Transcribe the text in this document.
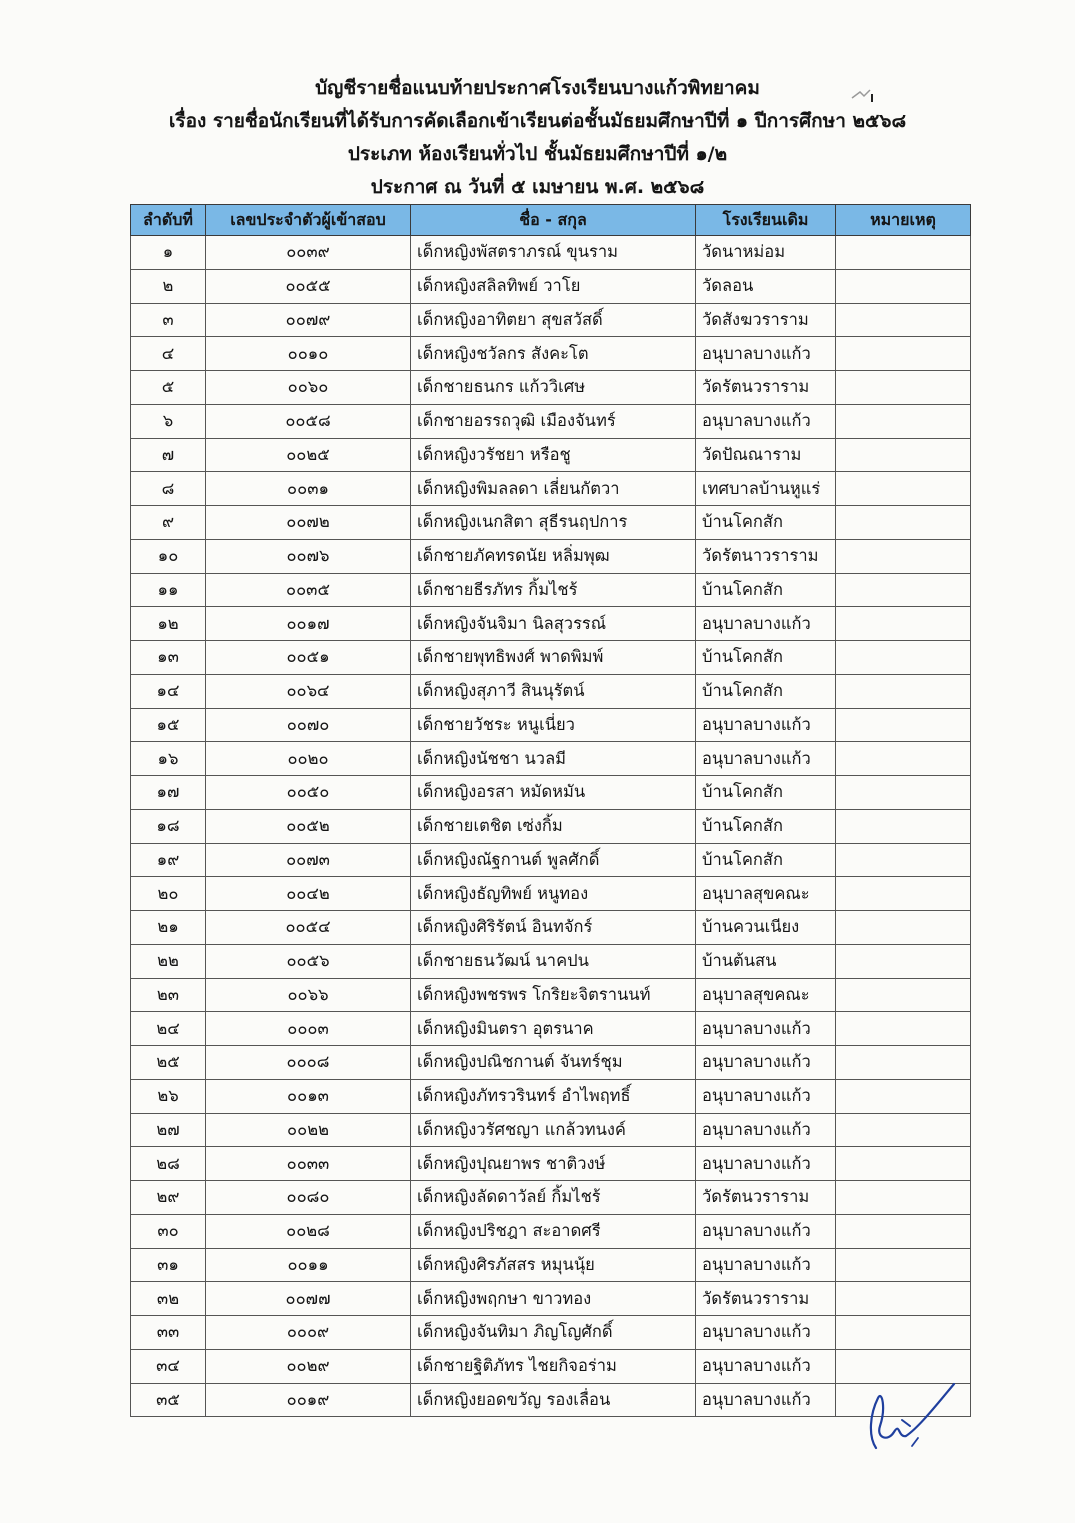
บัญชีรายชื่อแนบท้ายประกาศโรงเรียนบางแก้วพิทยาคม
เรื่อง รายชื่อนักเรียนที่ได้รับการคัดเลือกเข้าเรียนต่อชั้นมัธยมศึกษาปีที่ ๑ ปีการศึกษา ๒๕๖๘
ประเภท ห้องเรียนทั่วไป ชั้นมัธยมศึกษาปีที่ ๑/๒
ประกาศ ณ วันที่ ๕ เมษายน พ.ศ. ๒๕๖๘
ลำดับที่	เลขประจำตัวผู้เข้าสอบ	ชื่อ - สกุล	โรงเรียนเดิม	หมายเหตุ
๑	๐๐๓๙	เด็กหญิงพัสตราภรณ์ ขุนราม	วัดนาหม่อม	
๒	๐๐๕๕	เด็กหญิงสลิลทิพย์ วาโย	วัดลอน	
๓	๐๐๗๙	เด็กหญิงอาทิตยา สุขสวัสดิ์	วัดสังฆวราราม	
๔	๐๐๑๐	เด็กหญิงชวัลกร สังคะโต	อนุบาลบางแก้ว	
๕	๐๐๖๐	เด็กชายธนกร แก้ววิเศษ	วัดรัตนวราราม	
๖	๐๐๕๘	เด็กชายอรรถวุฒิ เมืองจันทร์	อนุบาลบางแก้ว	
๗	๐๐๒๕	เด็กหญิงวรัชยา หรือชู	วัดปัณณาราม	
๘	๐๐๓๑	เด็กหญิงพิมลลดา เลี่ยนกัตวา	เทศบาลบ้านหูแร่	
๙	๐๐๗๒	เด็กหญิงเนกสิตา สุธีรนฤปการ	บ้านโคกสัก	
๑๐	๐๐๗๖	เด็กชายภัคทรดนัย หลิ่มพุฒ	วัดรัตนาวราราม	
๑๑	๐๐๓๕	เด็กชายธีรภัทร กิ้มไชร้	บ้านโคกสัก	
๑๒	๐๐๑๗	เด็กหญิงจันจิมา นิลสุวรรณ์	อนุบาลบางแก้ว	
๑๓	๐๐๕๑	เด็กชายพุทธิพงศ์ พาดพิมพ์	บ้านโคกสัก	
๑๔	๐๐๖๔	เด็กหญิงสุภาวี สินนุรัตน์	บ้านโคกสัก	
๑๕	๐๐๗๐	เด็กชายวัชระ หนูเนี่ยว	อนุบาลบางแก้ว	
๑๖	๐๐๒๐	เด็กหญิงนัชชา นวลมี	อนุบาลบางแก้ว	
๑๗	๐๐๕๐	เด็กหญิงอรสา หมัดหมัน	บ้านโคกสัก	
๑๘	๐๐๕๒	เด็กชายเตชิต เซ่งกิ้ม	บ้านโคกสัก	
๑๙	๐๐๗๓	เด็กหญิงณัฐกานต์ พูลศักดิ์	บ้านโคกสัก	
๒๐	๐๐๔๒	เด็กหญิงธัญทิพย์ หนูทอง	อนุบาลสุขคณะ	
๒๑	๐๐๕๔	เด็กหญิงศิริรัตน์ อินทจักร์	บ้านควนเนียง	
๒๒	๐๐๕๖	เด็กชายธนวัฒน์ นาคปน	บ้านต้นสน	
๒๓	๐๐๖๖	เด็กหญิงพชรพร โกริยะจิตรานนท์	อนุบาลสุขคณะ	
๒๔	๐๐๐๓	เด็กหญิงมินตรา อุตรนาค	อนุบาลบางแก้ว	
๒๕	๐๐๐๘	เด็กหญิงปณิชกานต์ จันทร์ชุม	อนุบาลบางแก้ว	
๒๖	๐๐๑๓	เด็กหญิงภัทรวรินทร์ อำไพฤทธิ์	อนุบาลบางแก้ว	
๒๗	๐๐๒๒	เด็กหญิงวรัศชญา แกล้วทนงค์	อนุบาลบางแก้ว	
๒๘	๐๐๓๓	เด็กหญิงปุณยาพร ชาติวงษ์	อนุบาลบางแก้ว	
๒๙	๐๐๘๐	เด็กหญิงลัดดาวัลย์ กิ้มไชร้	วัดรัตนวราราม	
๓๐	๐๐๒๘	เด็กหญิงปริชฎา สะอาดศรี	อนุบาลบางแก้ว	
๓๑	๐๐๑๑	เด็กหญิงศิรภัสสร หมุนนุ้ย	อนุบาลบางแก้ว	
๓๒	๐๐๗๗	เด็กหญิงพฤกษา ขาวทอง	วัดรัตนวราราม	
๓๓	๐๐๐๙	เด็กหญิงจันทิมา ภิญโญศักดิ์	อนุบาลบางแก้ว	
๓๔	๐๐๒๙	เด็กชายฐิติภัทร ไชยกิจอร่าม	อนุบาลบางแก้ว	
๓๕	๐๐๑๙	เด็กหญิงยอดขวัญ รองเลื่อน	อนุบาลบางแก้ว	
